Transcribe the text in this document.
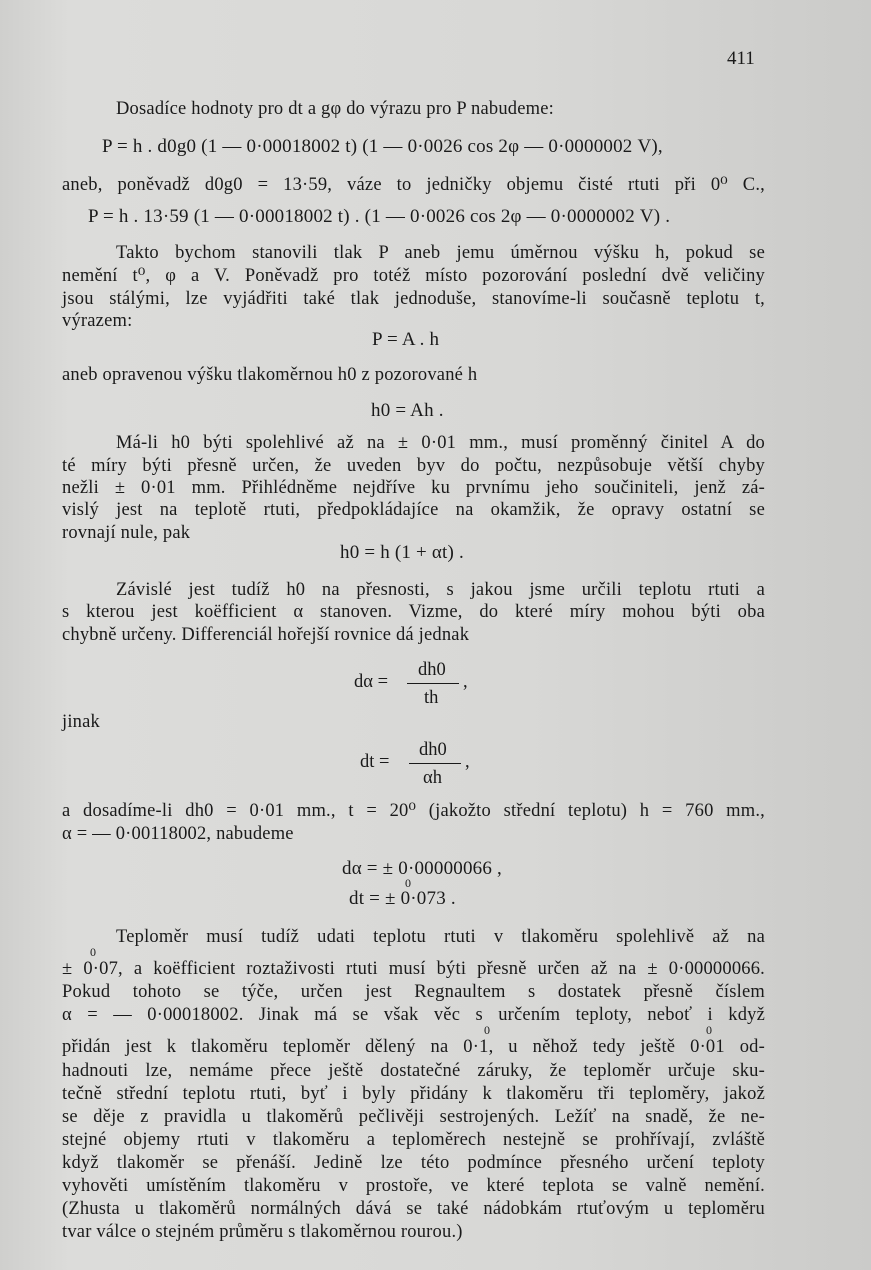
411
Dosadíce hodnoty pro dt a gφ do výrazu pro P nabudeme:
P = h . d0g0 (1 — 0·00018002 t) (1 — 0·0026 cos 2φ — 0·0000002 V),
aneb, poněvadž d0g0 = 13·59, váze to jedničky objemu čisté rtuti při 0⁰ C.,
P = h . 13·59 (1 — 0·00018002 t) . (1 — 0·0026 cos 2φ — 0·0000002 V) .
Takto bychom stanovili tlak P aneb jemu úměrnou výšku h, pokud se
nemění t⁰, φ a V. Poněvadž pro totéž místo pozorování poslední dvě veličiny
jsou stálými, lze vyjádřiti také tlak jednoduše, stanovíme-li současně teplotu t,
výrazem:
P = A . h
aneb opravenou výšku tlakoměrnou h0 z pozorované h
h0 = Ah .
Má-li h0 býti spolehlivé až na ± 0·01 mm., musí proměnný činitel A do
té míry býti přesně určen, že uveden byv do počtu, nezpůsobuje větší chyby
nežli ± 0·01 mm. Přihlédněme nejdříve ku prvnímu jeho součiniteli, jenž zá-
vislý jest na teplotě rtuti, předpokládajíce na okamžik, že opravy ostatní se
rovnají nule, pak
h0 = h (1 + αt) .
Závislé jest tudíž h0 na přesnosti, s jakou jsme určili teplotu rtuti a
s kterou jest koëfficient α stanoven. Vizme, do které míry mohou býti oba
chybně určeny. Differenciál hořejší rovnice dá jednak
dα =
dh0
th
,
jinak
dt =
dh0
αh
,
a dosadíme-li dh0 = 0·01 mm., t = 20⁰ (jakožto střední teplotu) h = 760 mm.,
α = — 0·00118002, nabudeme
dα = ± 0·00000066 ,
0
dt = ± 0·073 .
Teploměr musí tudíž udati teplotu rtuti v tlakoměru spolehlivě až na
0
± 0·07, a koëfficient roztaživosti rtuti musí býti přesně určen až na ± 0·00000066.
Pokud tohoto se týče, určen jest Regnaultem s dostatek přesně číslem
α = — 0·00018002. Jinak má se však věc s určením teploty, neboť i když
0	0
přidán jest k tlakoměru teploměr dělený na 0·1, u něhož tedy ještě 0·01 od-
hadnouti lze, nemáme přece ještě dostatečné záruky, že teploměr určuje sku-
tečně střední teplotu rtuti, byť i byly přidány k tlakoměru tři teploměry, jakož
se děje z pravidla u tlakoměrů pečlivěji sestrojených. Ležíť na snadě, že ne-
stejné objemy rtuti v tlakoměru a teploměrech nestejně se prohřívají, zvláště
když tlakoměr se přenáší. Jedině lze této podmínce přesného určení teploty
vyhověti umístěním tlakoměru v prostoře, ve které teplota se valně nemění.
(Zhusta u tlakoměrů normálných dává se také nádobkám rtuťovým u teploměru
tvar válce o stejném průměru s tlakoměrnou rourou.)
